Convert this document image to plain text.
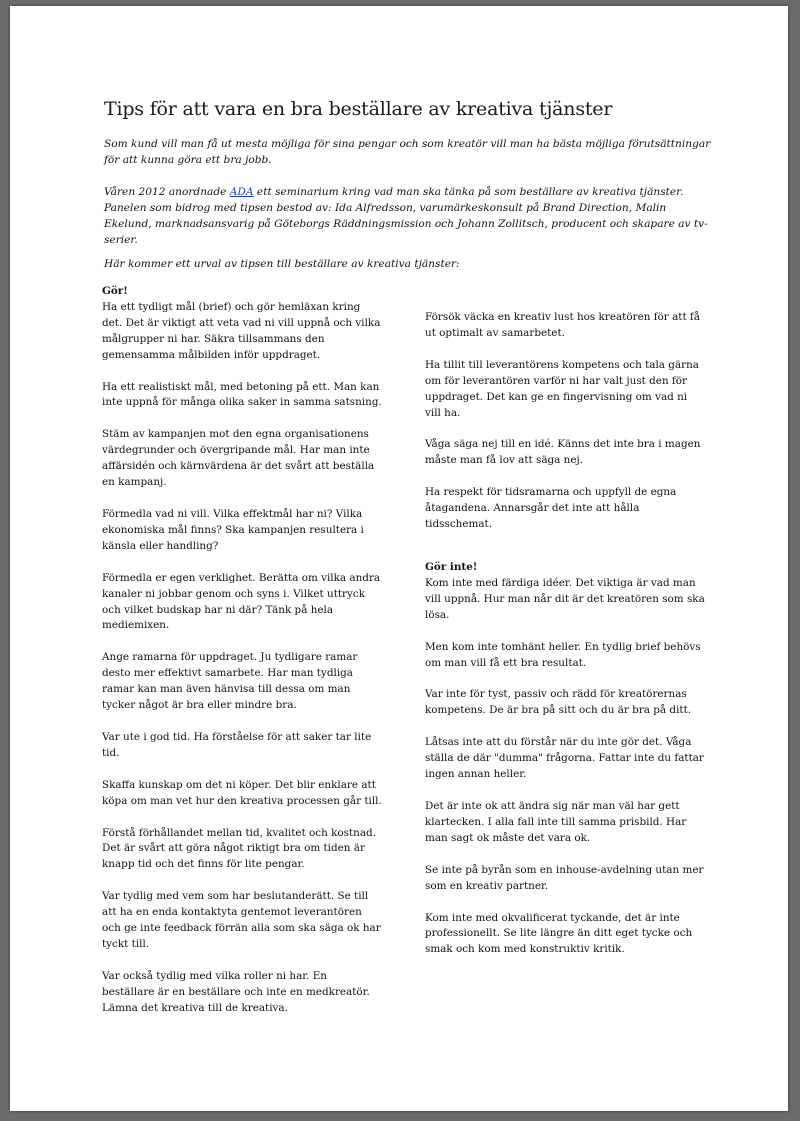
Tips för att vara en bra beställare av kreativa tjänster

Som kund vill man få ut mesta möjliga för sina pengar och som kreatör vill man ha bästa möjliga förutsättningar för att kunna göra ett bra jobb.

Våren 2012 anordnade ADA ett seminarium kring vad man ska tänka på som beställare av kreativa tjänster. Panelen som bidrog med tipsen bestod av: Ida Alfredsson, varumärkeskonsult på Brand Direction, Malin Ekelund, marknadsansvarig på Göteborgs Räddningsmission och Johann Zollitsch, producent och skapare av tv-serier.

Här kommer ett urval av tipsen till beställare av kreativa tjänster:

Gör!

Ha ett tydligt mål (brief) och gör hemläxan kring det. Det är viktigt att veta vad ni vill uppnå och vilka målgrupper ni har. Säkra tillsammans den gemensamma målbilden inför uppdraget.

Ha ett realistiskt mål, med betoning på ett. Man kan inte uppnå för många olika saker in samma satsning.

Stäm av kampanjen mot den egna organisationens värdegrunder och övergripande mål. Har man inte affärsidén och kärnvärdena är det svårt att beställa en kampanj.

Förmedla vad ni vill. Vilka effektmål har ni? Vilka ekonomiska mål finns? Ska kampanjen resultera i känsla eller handling?

Förmedla er egen verklighet. Berätta om vilka andra kanaler ni jobbar genom och syns i. Vilket uttryck och vilket budskap har ni där? Tänk på hela mediemixen.

Ange ramarna för uppdraget. Ju tydligare ramar desto mer effektivt samarbete. Har man tydliga ramar kan man även hänvisa till dessa om man tycker något är bra eller mindre bra.

Var ute i god tid. Ha förståelse för att saker tar lite tid.

Skaffa kunskap om det ni köper. Det blir enklare att köpa om man vet hur den kreativa processen går till.

Förstå förhållandet mellan tid, kvalitet och kostnad. Det är svårt att göra något riktigt bra om tiden är knapp tid och det finns för lite pengar.

Var tydlig med vem som har beslutanderätt. Se till att ha en enda kontaktyta gentemot leverantören och ge inte feedback förrän alla som ska säga ok har tyckt till.

Var också tydlig med vilka roller ni har. En beställare är en beställare och inte en medkreatör. Lämna det kreativa till de kreativa.

Försök väcka en kreativ lust hos kreatören för att få ut optimalt av samarbetet.

Ha tillit till leverantörens kompetens och tala gärna om för leverantören varför ni har valt just den för uppdraget. Det kan ge en fingervisning om vad ni vill ha.

Våga säga nej till en idé. Känns det inte bra i magen måste man få lov att säga nej.

Ha respekt för tidsramarna och uppfyll de egna åtagandena. Annarsgår det inte att hålla tidsschemat.

Gör inte!

Kom inte med färdiga idéer. Det viktiga är vad man vill uppnå. Hur man når dit är det kreatören som ska lösa.

Men kom inte tomhänt heller. En tydlig brief behövs om man vill få ett bra resultat.

Var inte för tyst, passiv och rädd för kreatörernas kompetens. De är bra på sitt och du är bra på ditt.

Låtsas inte att du förstår när du inte gör det. Våga ställa de där "dumma" frågorna. Fattar inte du fattar ingen annan heller.

Det är inte ok att ändra sig när man väl har gett klartecken. I alla fall inte till samma prisbild. Har man sagt ok måste det vara ok.

Se inte på byrån som en inhouse-avdelning utan mer som en kreativ partner.

Kom inte med okvalificerat tyckande, det är inte professionellt. Se lite längre än ditt eget tycke och smak och kom med konstruktiv kritik.
